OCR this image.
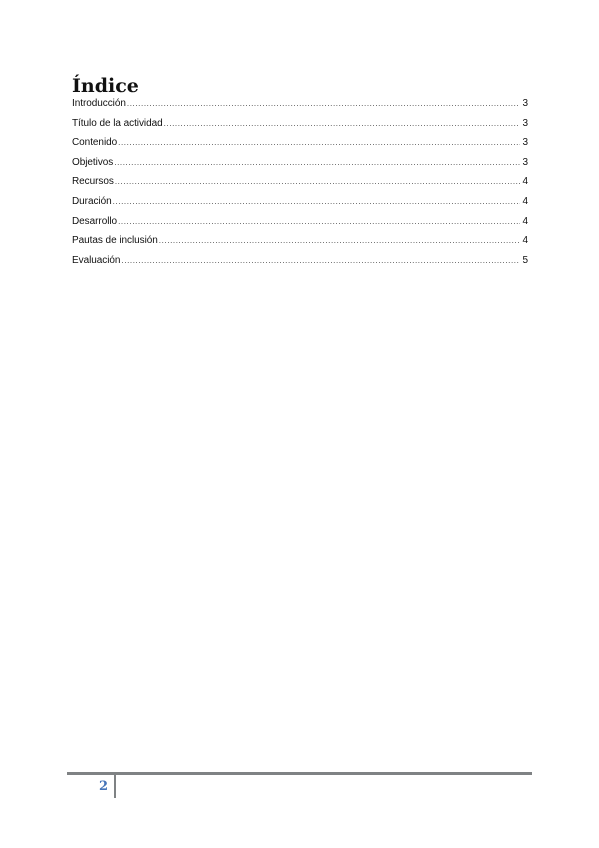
Índice
Introducción .....	3
Título de la actividad .....	3
Contenido .....	3
Objetivos .....	3
Recursos .....	4
Duración .....	4
Desarrollo .....	4
Pautas de inclusión .....	4
Evaluación .....	5
2
